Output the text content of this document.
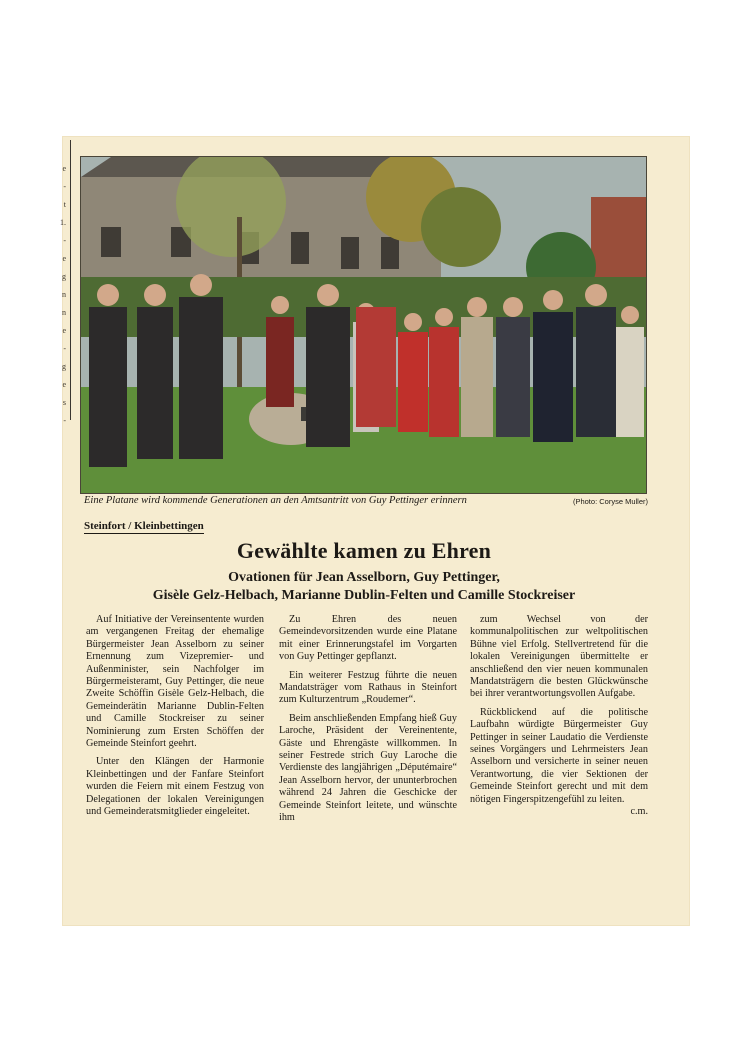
e
-
t
1.
-
e
g
n
n
e
-
g
e
s
-
Eine Platane wird kommende Generationen an den Amtsantritt von Guy Pettinger erinnern	(Photo: Coryse Muller)
Steinfort / Kleinbettingen
Gewählte kamen zu Ehren
Ovationen für Jean Asselborn, Guy Pettinger,
Gisèle Gelz-Helbach, Marianne Dublin-Felten und Camille Stockreiser

Auf Initiative der Vereinsentente wurden am vergangenen Freitag der ehemalige Bürgermeister Jean Asselborn zu seiner Ernennung zum Vizepremier- und Außenminister, sein Nachfolger im Bürgermeisteramt, Guy Pettinger, die neue Zweite Schöffin Gisèle Gelz-Helbach, die Gemeinderätin Marianne Dublin-Felten und Camille Stockreiser zu seiner Nominierung zum Ersten Schöffen der Gemeinde Steinfort geehrt.

Unter den Klängen der Harmonie Kleinbettingen und der Fanfare Steinfort wurden die Feiern mit einem Festzug von Delegationen der lokalen Vereinigungen und Gemeinderatsmitglieder eingeleitet.

Zu Ehren des neuen Gemeindevorsitzenden wurde eine Platane mit einer Erinnerungstafel im Vorgarten von Guy Pettinger gepflanzt.

Ein weiterer Festzug führte die neuen Mandatsträger vom Rathaus in Steinfort zum Kulturzentrum „Roudemer“.

Beim anschließenden Empfang hieß Guy Laroche, Präsident der Vereinentente, Gäste und Ehrengäste willkommen. In seiner Festrede strich Guy Laroche die Verdienste des langjährigen „Députémaire“ Jean Asselborn hervor, der ununterbrochen während 24 Jahren die Geschicke der Gemeinde Steinfort leitete, und wünschte ihm

zum Wechsel von der kommunalpolitischen zur weltpolitischen Bühne viel Erfolg. Stellvertretend für die lokalen Vereinigungen übermittelte er anschließend den vier neuen kommunalen Mandatsträgern die besten Glückwünsche bei ihrer verantwortungsvollen Aufgabe.

Rückblickend auf die politische Laufbahn würdigte Bürgermeister Guy Pettinger in seiner Laudatio die Verdienste seines Vorgängers und Lehrmeisters Jean Asselborn und versicherte in seiner neuen Verantwortung, die vier Sektionen der Gemeinde Steinfort gerecht und mit dem nötigen Fingerspitzengefühl zu leiten.
c.m.
